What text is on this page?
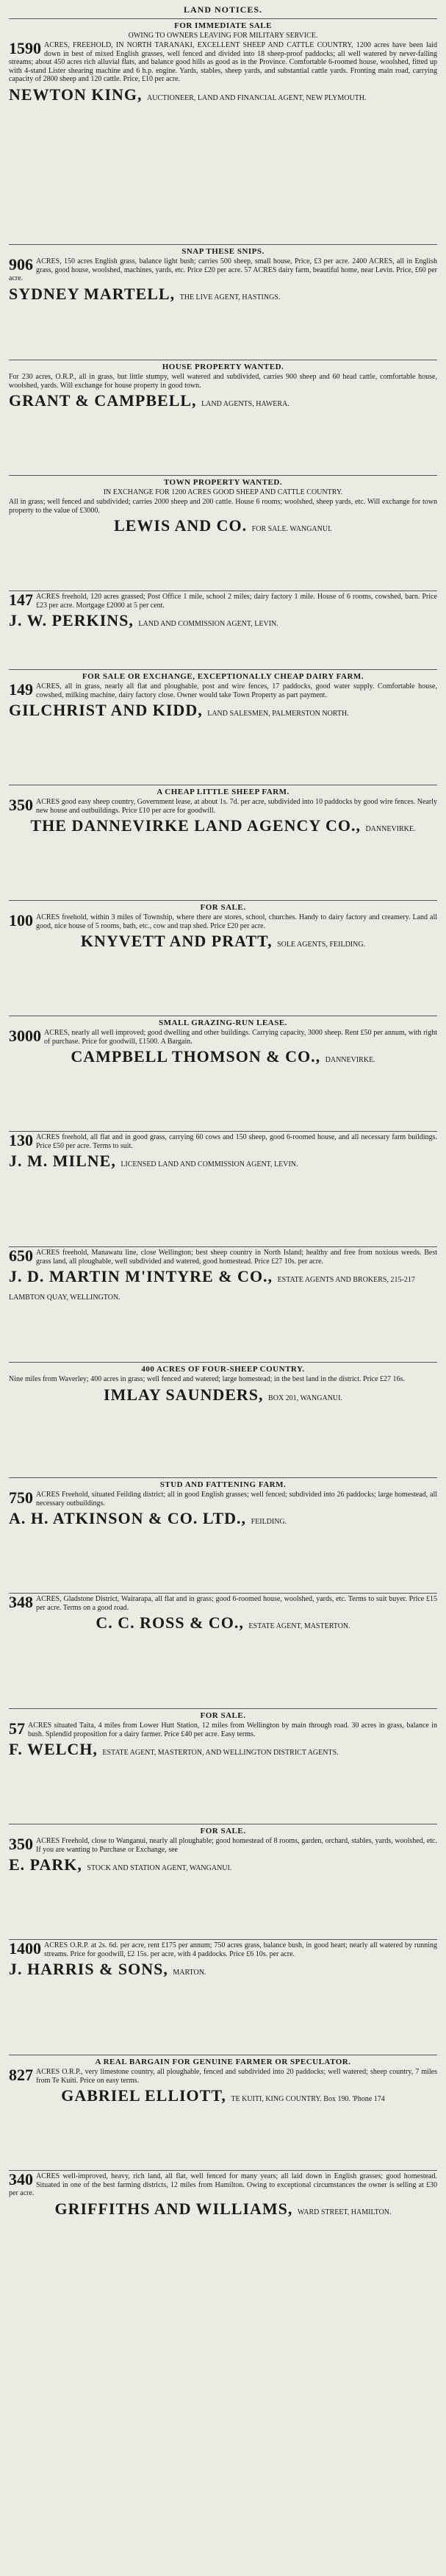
LAND NOTICES.
FOR IMMEDIATE SALE
OWING TO OWNERS LEAVING FOR MILITARY SERVICE.

1590 ACRES, FREEHOLD, IN NORTH TARANAKI, EXCELLENT SHEEP AND CATTLE COUNTRY, 1200 acres have been laid down in best of mixed English grasses, well fenced and divided into 18 sheep-proof paddocks; all well watered by never-failing streams; about 450 acres rich alluvial flats, and balance good hills as good as in the Province. Comfortable 6-roomed house, woolshed, fitted up with 4-stand Lister shearing machine and 6 h.p. engine. Yards, stables, sheep yards, and substantial cattle yards. Fronting main road, carrying capacity of 2800 sheep and 120 cattle. Price, £10 per acre.

NEWTON KING, AUCTIONEER, LAND AND FINANCIAL AGENT, NEW PLYMOUTH.
SNAP THESE SNIPS.

906 ACRES, 150 acres English grass, balance light bush; carries 500 sheep, small house, Price, £3 per acre. 2400 ACRES, all in English grass, good house, woolshed, machines, yards, etc. Price £20 per acre. 57 ACRES dairy farm, beautiful home, near Levin. Price, £60 per acre.

SYDNEY MARTELL, THE LIVE AGENT, HASTINGS.
HOUSE PROPERTY WANTED.

For 230 acres, O.R.P., all in grass, but little stumpy, well watered and subdivided, carries 900 sheep and 60 head cattle, comfortable house, woolshed, yards. Will exchange for house property in good town.

GRANT & CAMPBELL, LAND AGENTS, HAWERA.
TOWN PROPERTY WANTED.
IN EXCHANGE FOR 1200 ACRES GOOD SHEEP AND CATTLE COUNTRY.

All in grass; well fenced and subdivided; carries 2000 sheep and 200 cattle. House 6 rooms; woolshed, sheep yards, etc. Will exchange for town property to the value of £3000.

LEWIS AND CO. FOR SALE. WANGANUI.

147 ACRES freehold, 120 acres grassed; Post Office 1 mile, school 2 miles; dairy factory 1 mile. House of 6 rooms, cowshed, barn. Price £23 per acre. Mortgage £2000 at 5 per cent.

J. W. PERKINS, LAND AND COMMISSION AGENT, LEVIN.
FOR SALE OR EXCHANGE, EXCEPTIONALLY CHEAP DAIRY FARM.

149 ACRES, all in grass, nearly all flat and ploughable, post and wire fences, 17 paddocks, good water supply. Comfortable house, cowshed, milking machine, dairy factory close. Owner would take Town Property as part payment.

GILCHRIST AND KIDD, LAND SALESMEN, PALMERSTON NORTH.
A CHEAP LITTLE SHEEP FARM.

350 ACRES good easy sheep country, Government lease, at about 1s. 7d. per acre, subdivided into 10 paddocks by good wire fences. Nearly new house and outbuildings. Price £10 per acre for goodwill.

THE DANNEVIRKE LAND AGENCY CO., DANNEVIRKE.
FOR SALE.

100 ACRES freehold, within 3 miles of Township, where there are stores, school, churches. Handy to dairy factory and creamery. Land all good, nice house of 5 rooms, bath, etc., cow and trap shed. Price £20 per acre.

KNYVETT AND PRATT, SOLE AGENTS, FEILDING.
SMALL GRAZING-RUN LEASE.

3000 ACRES, nearly all well improved; good dwelling and other buildings. Carrying capacity, 3000 sheep. Rent £50 per annum, with right of purchase. Price for goodwill, £1500. A Bargain.

CAMPBELL THOMSON & CO., DANNEVIRKE.

130 ACRES freehold, all flat and in good grass, carrying 60 cows and 150 sheep, good 6-roomed house, and all necessary farm buildings. Price £50 per acre. Terms to suit.

J. M. MILNE, LICENSED LAND AND COMMISSION AGENT, LEVIN.

650 ACRES freehold, Manawatu line, close Wellington; best sheep country in North Island; healthy and free from noxious weeds. Best grass land, all ploughable, well subdivided and watered, good homestead. Price £27 10s. per acre.

J. D. MARTIN M'INTYRE & CO., ESTATE AGENTS AND BROKERS, 215-217 LAMBTON QUAY, WELLINGTON.
400 ACRES OF FOUR-SHEEP COUNTRY.

Nine miles from Waverley; 400 acres in grass; well fenced and watered; large homestead; in the best land in the district. Price £27 16s.

IMLAY SAUNDERS, BOX 201, WANGANUI.
STUD AND FATTENING FARM.

750 ACRES Freehold, situated Feilding district; all in good English grasses; well fenced; subdivided into 26 paddocks; large homestead, all necessary outbuildings.

A. H. ATKINSON & CO. LTD., FEILDING.

348 ACRES, Gladstone District, Wairarapa, all flat and in grass; good 6-roomed house, woolshed, yards, etc. Terms to suit buyer. Price £15 per acre. Terms on a good road.

C. C. ROSS & CO., ESTATE AGENT, MASTERTON.
FOR SALE.

57 ACRES situated Taita, 4 miles from Lower Hutt Station, 12 miles from Wellington by main through road. 30 acres in grass, balance in bush. Splendid proposition for a dairy farmer. Price £40 per acre. Easy terms.

F. WELCH, ESTATE AGENT, MASTERTON, AND WELLINGTON DISTRICT AGENTS.
FOR SALE.

350 ACRES Freehold, close to Wanganui, nearly all ploughable; good homestead of 8 rooms, garden, orchard, stables, yards, woolshed, etc. If you are wanting to Purchase or Exchange, see

E. PARK, STOCK AND STATION AGENT, WANGANUI.

1400 ACRES O.R.P. at 2s. 6d. per acre, rent £175 per annum; 750 acres grass, balance bush, in good heart; nearly all watered by running streams. Price for goodwill, £2 15s. per acre, with 4 paddocks. Price £6 10s. per acre.

J. HARRIS & SONS, MARTON.
A REAL BARGAIN FOR GENUINE FARMER OR SPECULATOR.

827 ACRES O.R.P., very limestone country, all ploughable, fenced and subdivided into 20 paddocks; well watered; sheep country, 7 miles from Te Kuiti. Price on easy terms.

GABRIEL ELLIOTT, TE KUITI, KING COUNTRY. Box 190. 'Phone 174

340 ACRES well-improved, heavy, rich land, all flat, well fenced for many years; all laid down in English grasses; good homestead. Situated in one of the best farming districts, 12 miles from Hamilton. Owing to exceptional circumstances the owner is selling at £30 per acre.

GRIFFITHS AND WILLIAMS, WARD STREET, HAMILTON.
